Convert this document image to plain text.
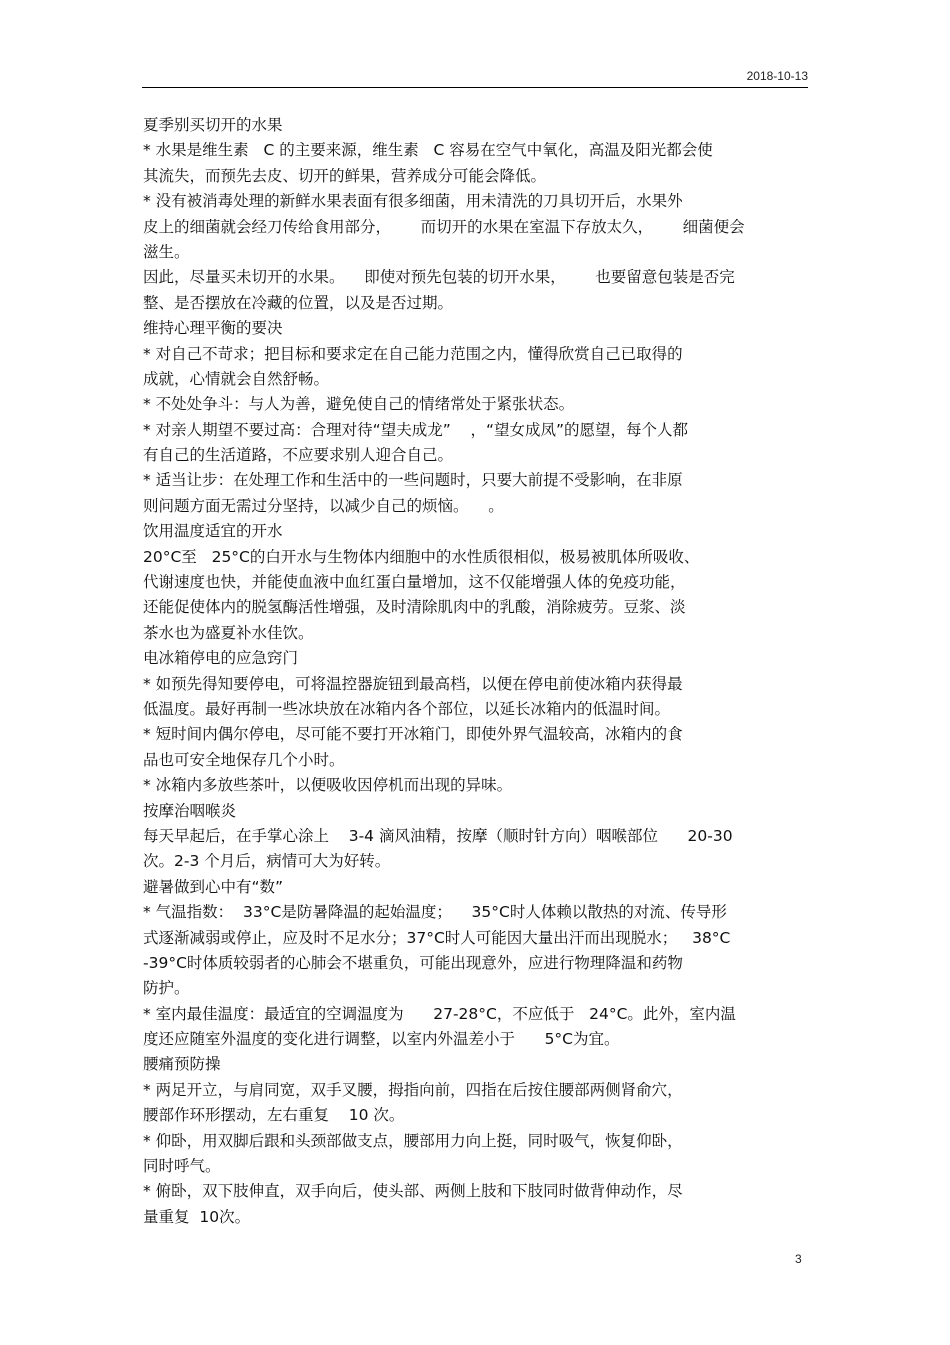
2018-10-13
夏季别买切开的水果
* 水果是维生素   C 的主要来源，维生素   C 容易在空气中氧化，高温及阳光都会使
其流失，而预先去皮、切开的鲜果，营养成分可能会降低。
* 没有被消毒处理的新鲜水果表面有很多细菌，用未清洗的刀具切开后，水果外
皮上的细菌就会经刀传给食用部分，      而切开的水果在室温下存放太久，      细菌便会
滋生。
因此，尽量买未切开的水果。    即使对预先包装的切开水果，      也要留意包装是否完
整、是否摆放在冷藏的位置，以及是否过期。
维持心理平衡的要决
* 对自己不苛求；把目标和要求定在自己能力范围之内，懂得欣赏自己已取得的
成就，心情就会自然舒畅。
* 不处处争斗：与人为善，避免使自己的情绪常处于紧张状态。
* 对亲人期望不要过高：合理对待“望夫成龙”    ，“望女成凤”的愿望，每个人都
有自己的生活道路，不应要求别人迎合自己。
* 适当让步：在处理工作和生活中的一些问题时，只要大前提不受影响，在非原
则问题方面无需过分坚持，以减少自己的烦恼。    。
饮用温度适宜的开水
20°C至   25°C的白开水与生物体内细胞中的水性质很相似，极易被肌体所吸收、
代谢速度也快，并能使血液中血红蛋白量增加，这不仅能增强人体的免疫功能，
还能促使体内的脱氢酶活性增强，及时清除肌肉中的乳酸，消除疲劳。豆浆、淡
茶水也为盛夏补水佳饮。
电冰箱停电的应急窍门
* 如预先得知要停电，可将温控器旋钮到最高档，以便在停电前使冰箱内获得最
低温度。最好再制一些冰块放在冰箱内各个部位，以延长冰箱内的低温时间。
* 短时间内偶尔停电，尽可能不要打开冰箱门，即使外界气温较高，冰箱内的食
品也可安全地保存几个小时。
* 冰箱内多放些茶叶，以便吸收因停机而出现的异味。
按摩治咽喉炎
每天早起后，在手掌心涂上    3-4 滴风油精，按摩（顺时针方向）咽喉部位      20-30
次。2-3 个月后，病情可大为好转。
避暑做到心中有“数”
* 气温指数：  33°C是防暑降温的起始温度；    35°C时人体赖以散热的对流、传导形
式逐渐减弱或停止，应及时不足水分；37°C时人可能因大量出汗而出现脱水；   38°C
-39°C时体质较弱者的心肺会不堪重负，可能出现意外，应进行物理降温和药物
防护。
* 室内最佳温度：最适宜的空调温度为      27-28°C，不应低于   24°C。此外，室内温
度还应随室外温度的变化进行调整，以室内外温差小于      5°C为宜。
腰痛预防操
* 两足开立，与肩同宽，双手叉腰，拇指向前，四指在后按住腰部两侧肾俞穴，
腰部作环形摆动，左右重复    10 次。
* 仰卧，用双脚后跟和头颈部做支点，腰部用力向上挺，同时吸气，恢复仰卧，
同时呼气。
* 俯卧，双下肢伸直，双手向后，使头部、两侧上肢和下肢同时做背伸动作，尽
量重复  10次。
3
